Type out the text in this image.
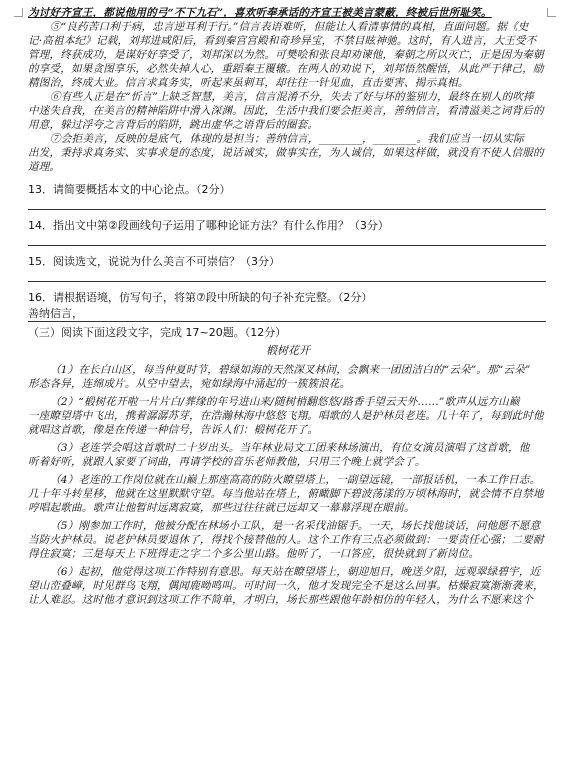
为讨好齐宣王，都说他用的弓“不下九石”，喜欢听奉承话的齐宣王被美言蒙蔽，终被后世所耻笑。
⑤“良药苦口利于病，忠言逆耳利于行。”信言表语难听，但能让人看清事情的真相，直面问题。据《史
记·高祖本纪》记载，刘邦进咸阳后，看到秦宫宫殿和奇珍异宝，不禁目眩神驰。这时，有人进言，大王受不
管理，终获成功，是谋好好享受了，刘邦深以为然。可樊哙和张良却劝谏他，秦朝之所以灭亡，正是因为秦朝
的享受，如果贪图享乐，必然失掉人心，重蹈秦王覆辙。在两人的劝说下，刘邦悟然醒悟，从此严于律己，励
精图治，终成大业。信言求真务实，听起来虽刺耳，却往往一针见血，直击要害、揭示真相。
⑥有些人正是在“忻言”上缺乏智慧，美言，信言混淆不分，失去了好与坏的鉴别力，最终在别人的吹捧
中迷失自我，在美言的精神陷阱中滑入深渊。因此，生活中我们要会拒美言，善纳信言，看清溢美之词背后的
用意，躲过浮夸之言背后的陷阱，跳出虚华之语背后的圈套。
⑦会拒美言，反映的是底气，体现的是担当；善纳信言，________，________。我们应当一切从实际
出发，秉持求真务实、实事求是的态度，说话诚实，做事实在，为人诚信，如果这样做，就没有不使人信服的
道理。
13．请简要概括本文的中心论点。（2分）
14．指出文中第②段画线句子运用了哪种论证方法？有什么作用？（3分）
15．阅读选文，说说为什么美言不可崇信？（3分）
16．请根据语境，仿写句子，将第⑦段中所缺的句子补充完整。（2分）
善纳信言，
（三）阅读下面这段文字，完成 17~20题。（12分）
椴树花开
（1）在长白山区，每当仲夏时节，碧绿如海的天然深叉林间，会飘来一团团洁白的“云朵”。那“云朵”
形态各异，连绵成片。从空中望去，宛如绿海中涌起的一簇簇浪花。
（2）“椴树花开啦一片片白/葬缘的年号进山来/随树梢翻悠悠/路香手望云天外……”歌声从远方山巅
一座瞭望塔中飞出，携着潺潺苏芽，在浩瀚林海中悠悠飞翔。唱歌的人是护林员老连。几十年了，每到此时他
就唱这首歌，像是在传递一种信号，告诉人们：椴树花开了。
（3）老连学会唱这首歌时二十岁出头。当年林业局文工团来林场演出，有位女演员演唱了这首歌，他
听着好听，就跟人家要了词曲，再请学校的音乐老师教他，只用三个晚上就学会了。
（4）老连的工作岗位就在山巅上那座高高的防火瞭望塔上，一副望远镜，一部报话机，一本工作日志。
几十年斗转星移，他就在这里默默守望。每当他站在塔上，俯瞰脚下碧波荡漾的万顷林海时，就会情不自禁地
哼唱起歌曲。歌声让他暂时远离寂寞，那些过往往就已远却又一幕幕浮现在眼前。
（5）刚参加工作时，他被分配在林场小工队，是一名采伐油锯手。一天，场长找他谈话，问他愿不愿意
当防火护林员。说老护林员要退休了，得找个接替他的人。这个工作有三点必须做到：一要责任心强；二要耐
得住寂寞；三是每天上下班得走之字二个多公里山路。他听了，一口答应，很快就到了新岗位。
（6）起初，他觉得这项工作特别有意思。每天站在瞭望塔上，朝迎旭日，晚送夕阳，远观翠绿碧宇，近
望山峦叠嶂，时见群鸟飞翔，偶闻鹿呦鸣叫。可时间一久，他才发现完全不是这么回事。枯燥寂寞渐渐袭来，
让人难忍。这时他才意识到这项工作不简单，才明白，场长那些跟他年龄相仿的年轻人，为什么不愿来这个
